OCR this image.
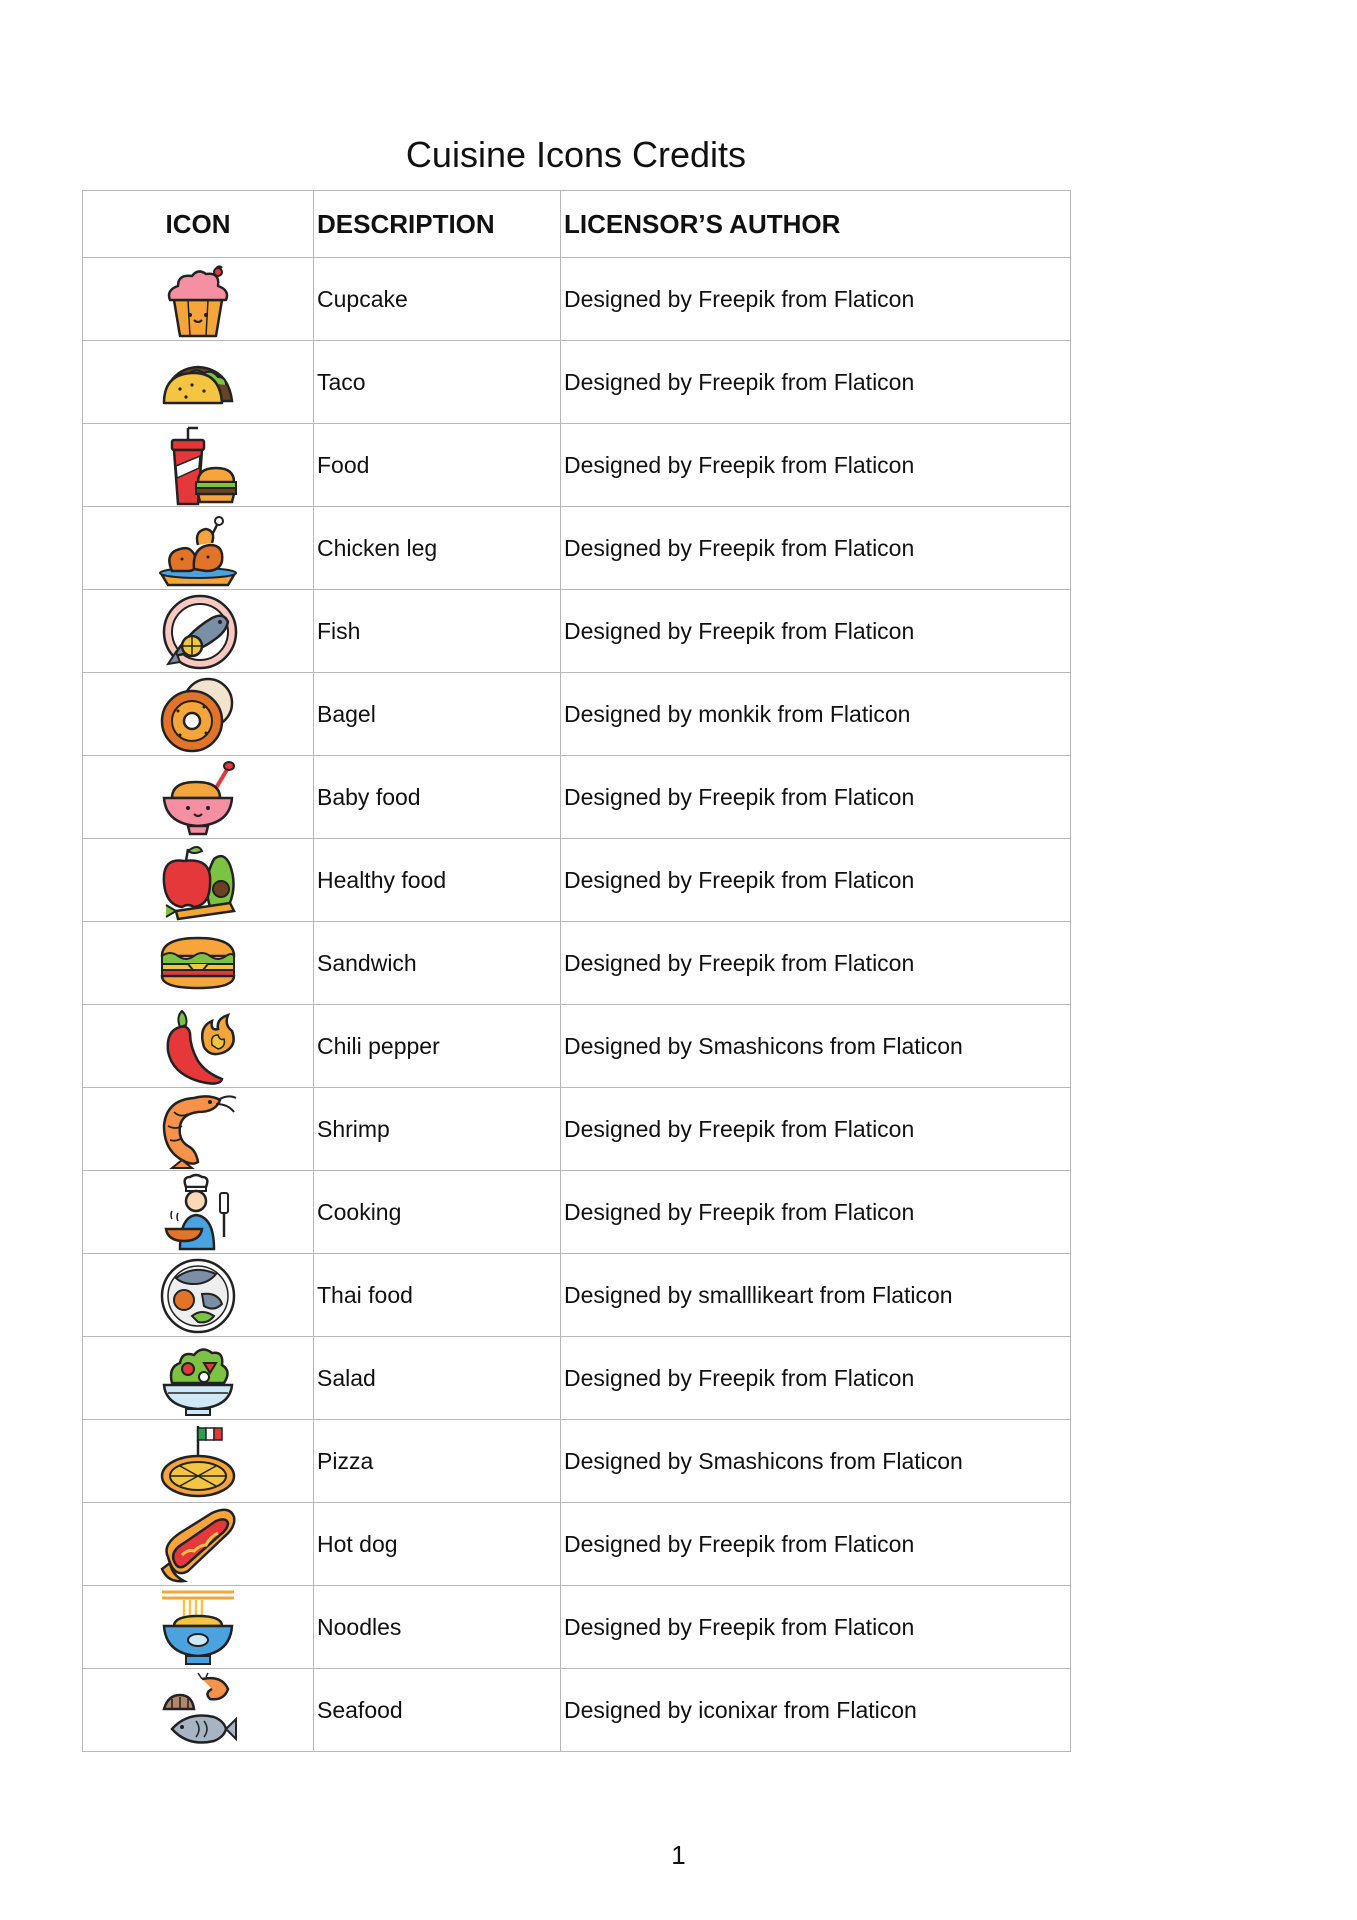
Cuisine Icons Credits
ICON	DESCRIPTION	LICENSOR’S AUTHOR

	Cupcake	Designed by Freepik from Flaticon

	Taco	Designed by Freepik from Flaticon

	Food	Designed by Freepik from Flaticon

	Chicken leg	Designed by Freepik from Flaticon

	Fish	Designed by Freepik from Flaticon

	Bagel	Designed by monkik from Flaticon

	Baby food	Designed by Freepik from Flaticon

	Healthy food	Designed by Freepik from Flaticon

	Sandwich	Designed by Freepik from Flaticon

	Chili pepper	Designed by Smashicons from Flaticon

	Shrimp	Designed by Freepik from Flaticon

	Cooking	Designed by Freepik from Flaticon

	Thai food	Designed by smalllikeart from Flaticon

	Salad	Designed by Freepik from Flaticon

	Pizza	Designed by Smashicons from Flaticon

	Hot dog	Designed by Freepik from Flaticon

	Noodles	Designed by Freepik from Flaticon

	Seafood	Designed by iconixar from Flaticon
1
